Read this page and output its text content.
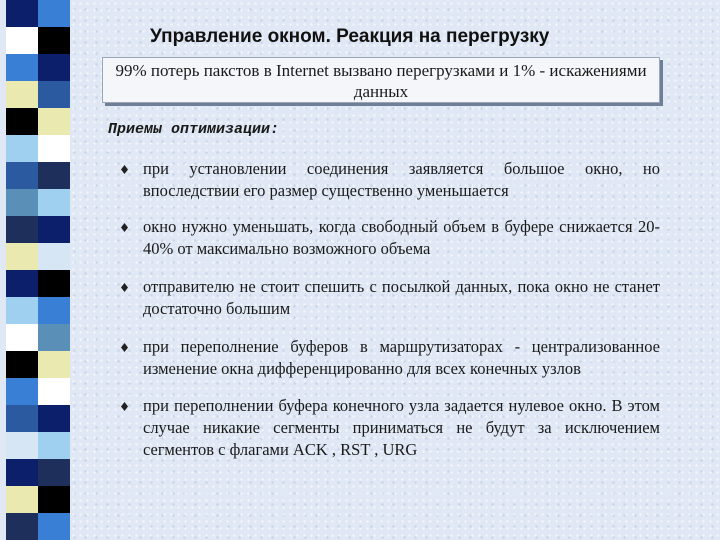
Управление окном. Реакция на перегрузку
99% потерь пакстов в Internet вызвано перегрузками и 1% - искажениями данных
Приемы оптимизации:
при установлении соединения заявляется большое окно, но впоследствии его размер существенно уменьшается
окно нужно уменьшать, когда свободный объем в буфере снижается 20-40% от максимально возможного объема
отправителю не стоит спешить с посылкой данных, пока окно не станет достаточно большим
при переполнение буферов в маршрутизаторах - централизованное изменение окна дифференцированно для всех конечных узлов
при переполнении буфера конечного узла задается нулевое окно. В этом случае никакие сегменты приниматься не будут за исключением сегментов с флагами ACK , RST , URG
